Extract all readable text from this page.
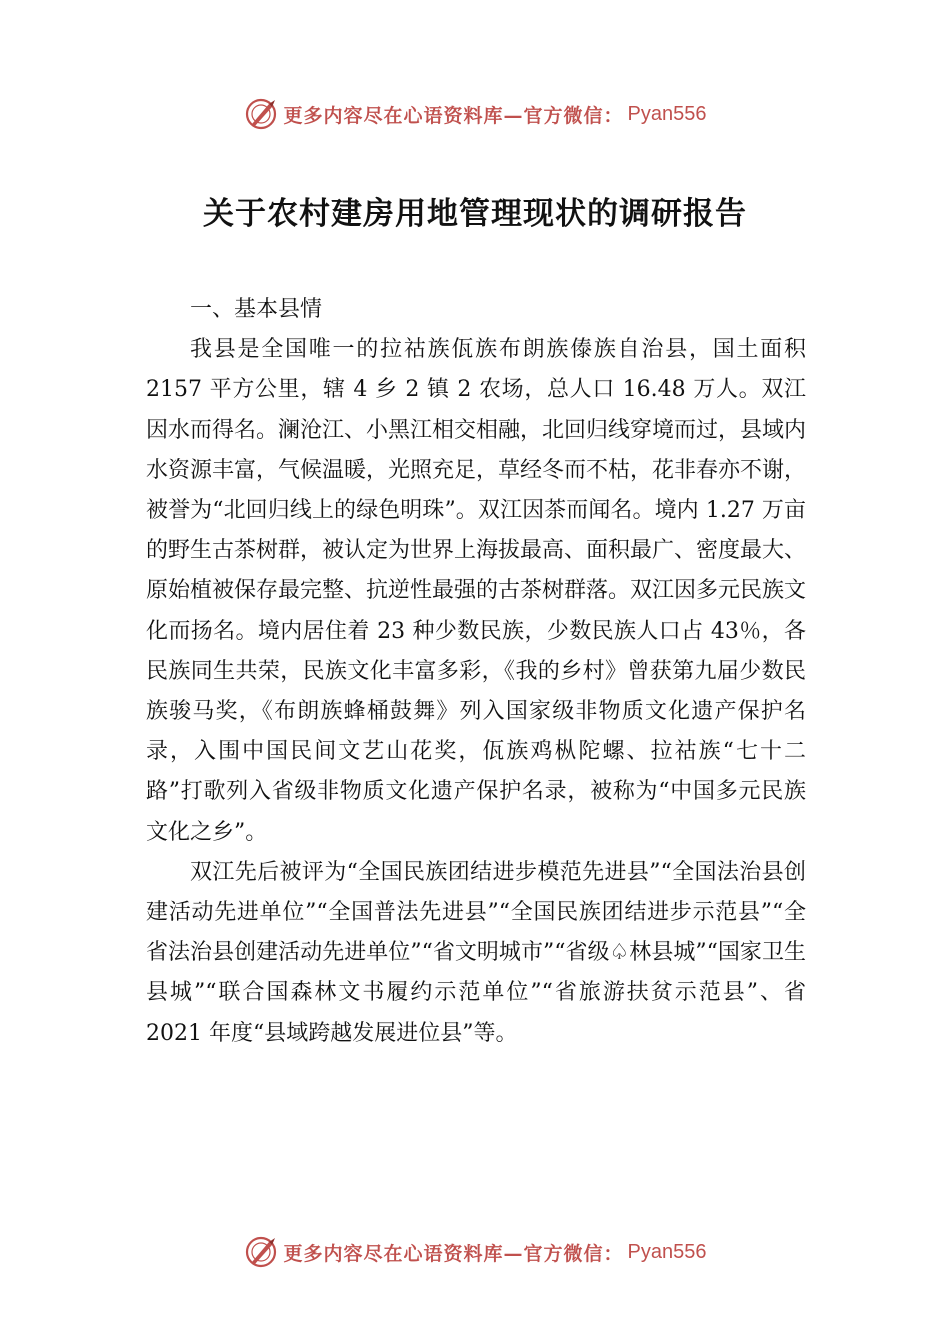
更多内容尽在心语资料库—官方微信： Pyan556
关于农村建房用地管理现状的调研报告

一、基本县情

我县是全国唯一的拉祜族佤族布朗族傣族自治县，国土面积 2157 平方公里，辖 4 乡 2 镇 2 农场，总人口 16.48 万人。双江因水而得名。澜沧江、小黑江相交相融，北回归线穿境而过，县域内水资源丰富，气候温暖，光照充足，草经冬而不枯，花非春亦不谢，被誉为“北回归线上的绿色明珠”。双江因茶而闻名。境内 1.27 万亩的野生古茶树群，被认定为世界上海拔最高、面积最广、密度最大、原始植被保存最完整、抗逆性最强的古茶树群落。双江因多元民族文化而扬名。境内居住着 23 种少数民族，少数民族人口占 43％，各民族同生共荣，民族文化丰富多彩，《我的乡村》曾获第九届少数民族骏马奖，《布朗族蜂桶鼓舞》列入国家级非物质文化遗产保护名录，入围中国民间文艺山花奖，佤族鸡枞陀螺、拉祜族“七十二路”打歌列入省级非物质文化遗产保护名录，被称为“中国多元民族文化之乡”。

双江先后被评为“全国民族团结进步模范先进县”“全国法治县创建活动先进单位”“全国普法先进县”“全国民族团结进步示范县”“全省法治县创建活动先进单位”“省文明城市”“省级♤林县城”“国家卫生县城”“联合国森林文书履约示范单位”“省旅游扶贫示范县”、省 2021 年度“县域跨越发展进位县”等。

更多内容尽在心语资料库—官方微信： Pyan556
